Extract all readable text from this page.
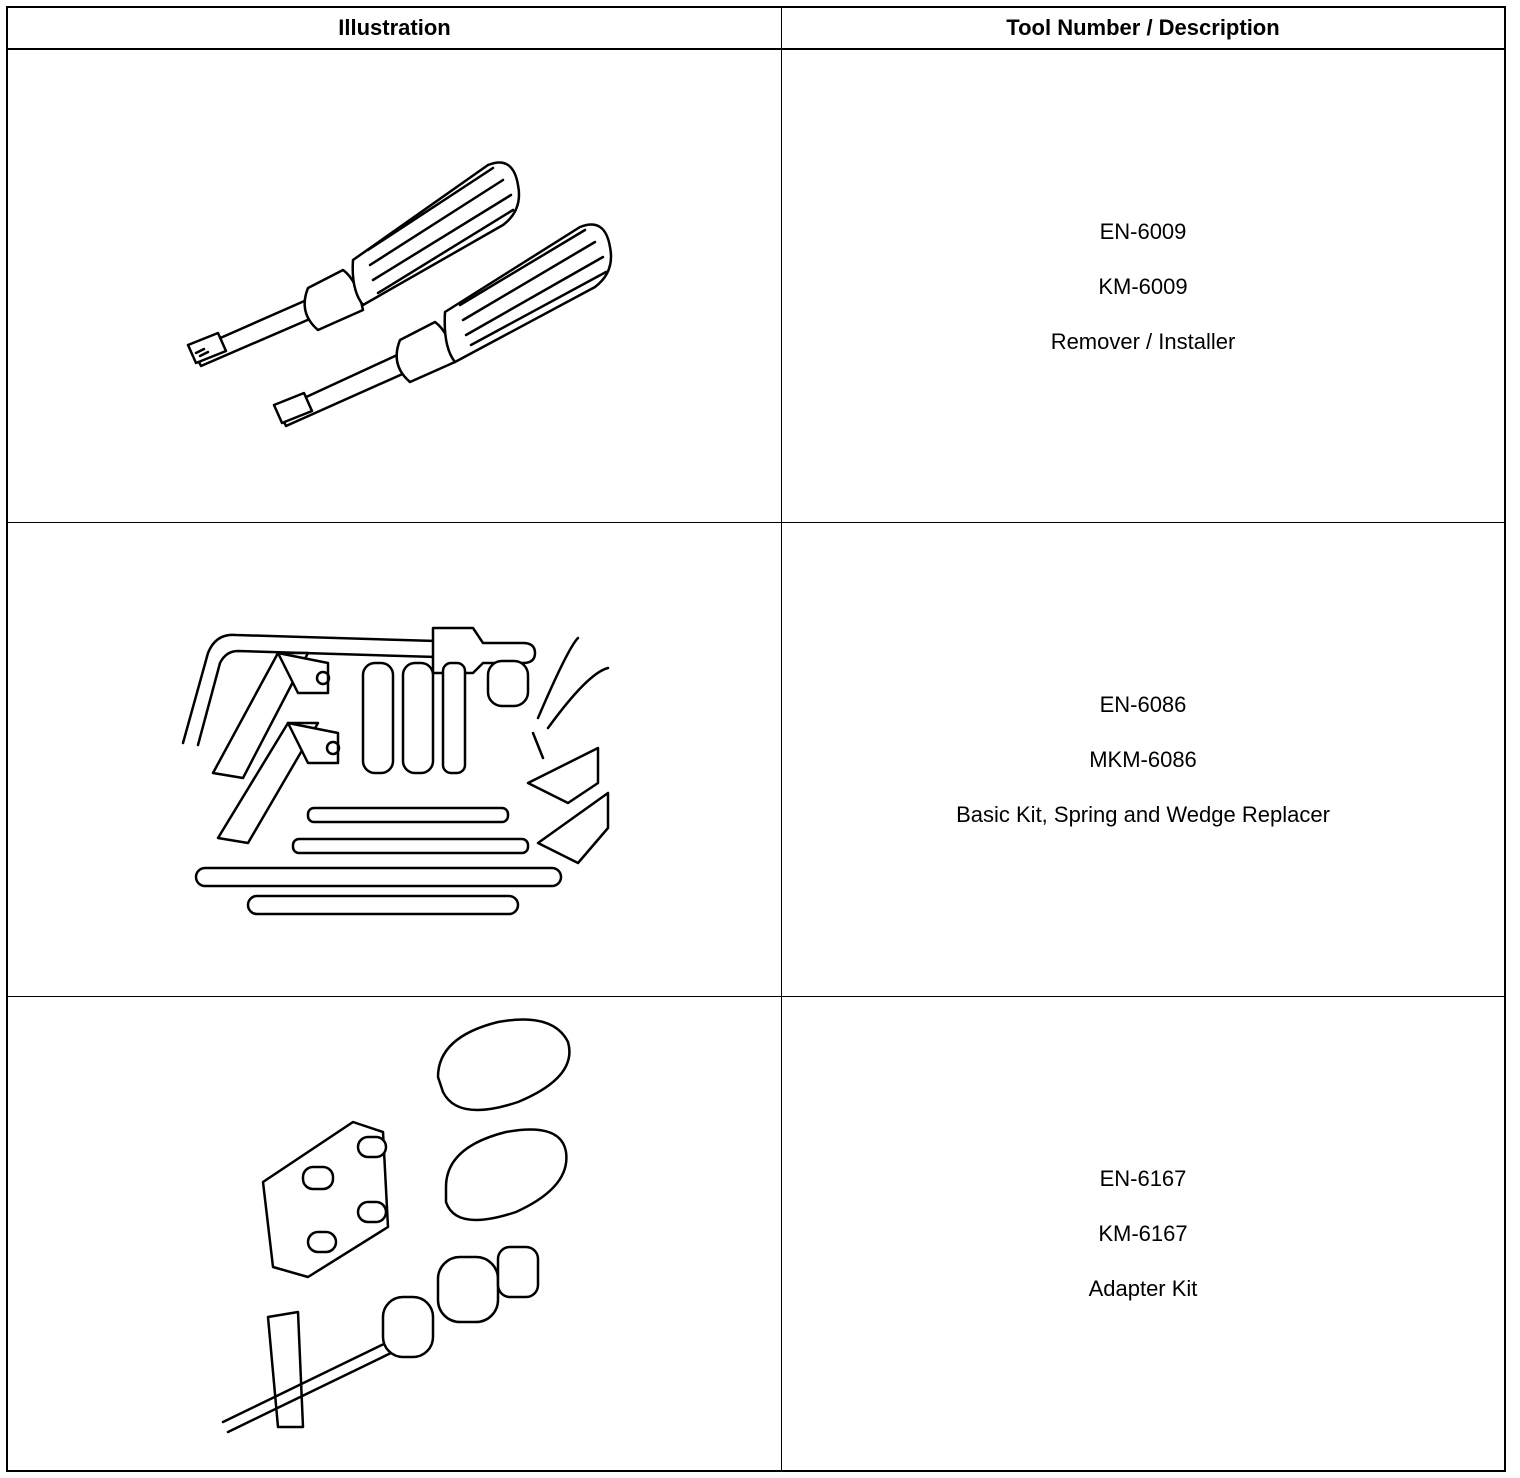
Illustration	Tool Number / Description
EN-6009
KM-6009
Remover / Installer
EN-6086
MKM-6086
Basic Kit, Spring and Wedge Replacer
EN-6167
KM-6167
Adapter Kit
